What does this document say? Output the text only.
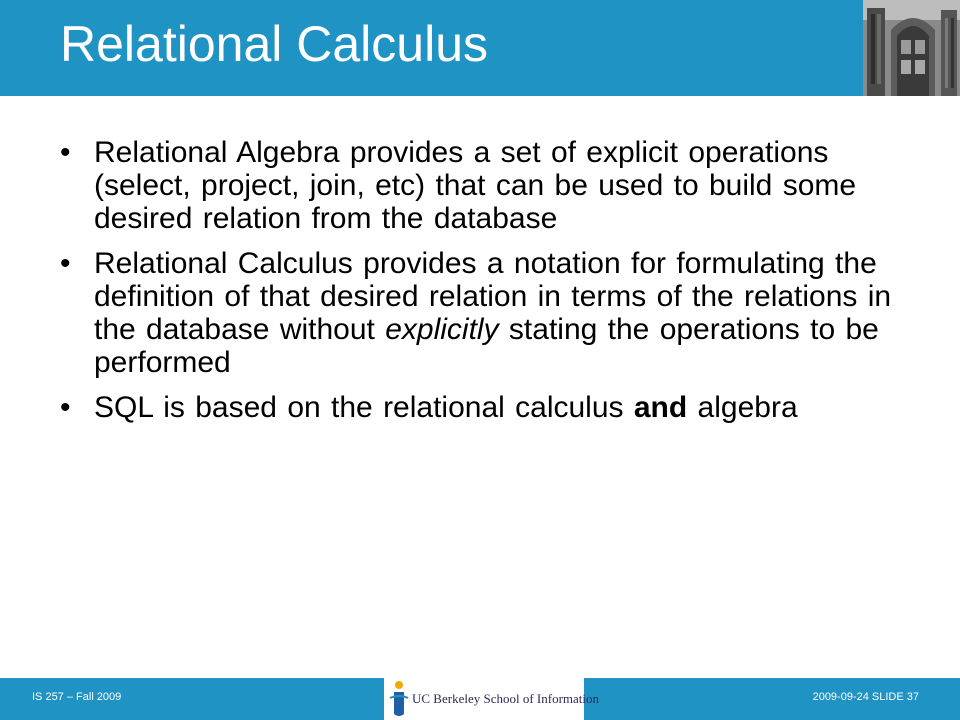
Relational Calculus
• Relational Algebra provides a set of explicit operations (select, project, join, etc) that can be used to build some desired relation from the database
• Relational Calculus provides a notation for formulating the definition of that desired relation in terms of the relations in the database without explicitly stating the operations to be performed
• SQL is based on the relational calculus and algebra
IS 257 – Fall 2009	UC Berkeley School of Information	2009-09-24 SLIDE 37
